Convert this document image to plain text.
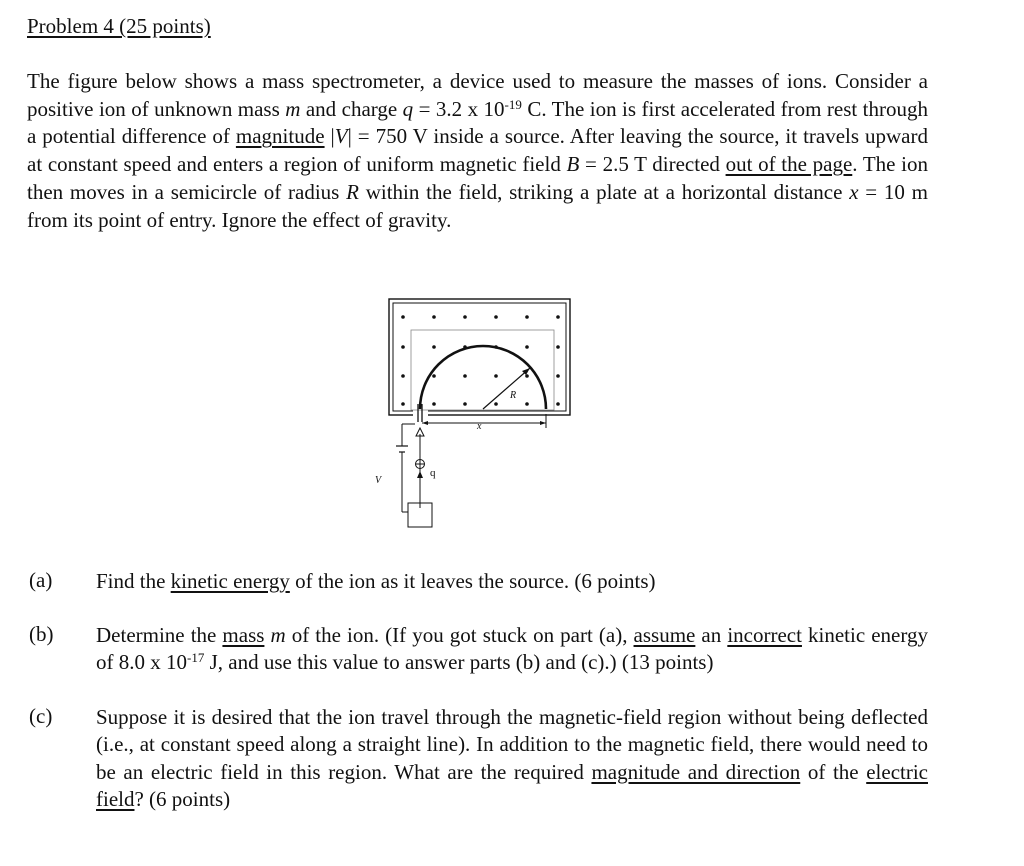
Problem 4 (25 points)

The figure below shows a mass spectrometer, a device used to measure the masses of ions. Consider a positive ion of unknown mass m and charge q = 3.2 x $10^{-19}$ C. The ion is first accelerated from rest through a potential difference of magnitude |V| = 750 V inside a source. After leaving the source, it travels upward at constant speed and enters a region of uniform magnetic field B = 2.5 T directed out of the page. The ion then moves in a semicircle of radius R within the field, striking a plate at a horizontal distance x = 10 m from its point of entry. Ignore the effect of gravity.

R
x
q
V
(a) Find the kinetic energy of the ion as it leaves the source. (6 points)

(b) Determine the mass m of the ion. (If you got stuck on part (a), assume an incorrect kinetic energy of 8.0 x $10^{-17}$ J, and use this value to answer parts (b) and (c).) (13 points)

(c) Suppose it is desired that the ion travel through the magnetic-field region without being deflected (i.e., at constant speed along a straight line). In addition to the magnetic field, there would need to be an electric field in this region. What are the required magnitude and direction of the electric field? (6 points)
